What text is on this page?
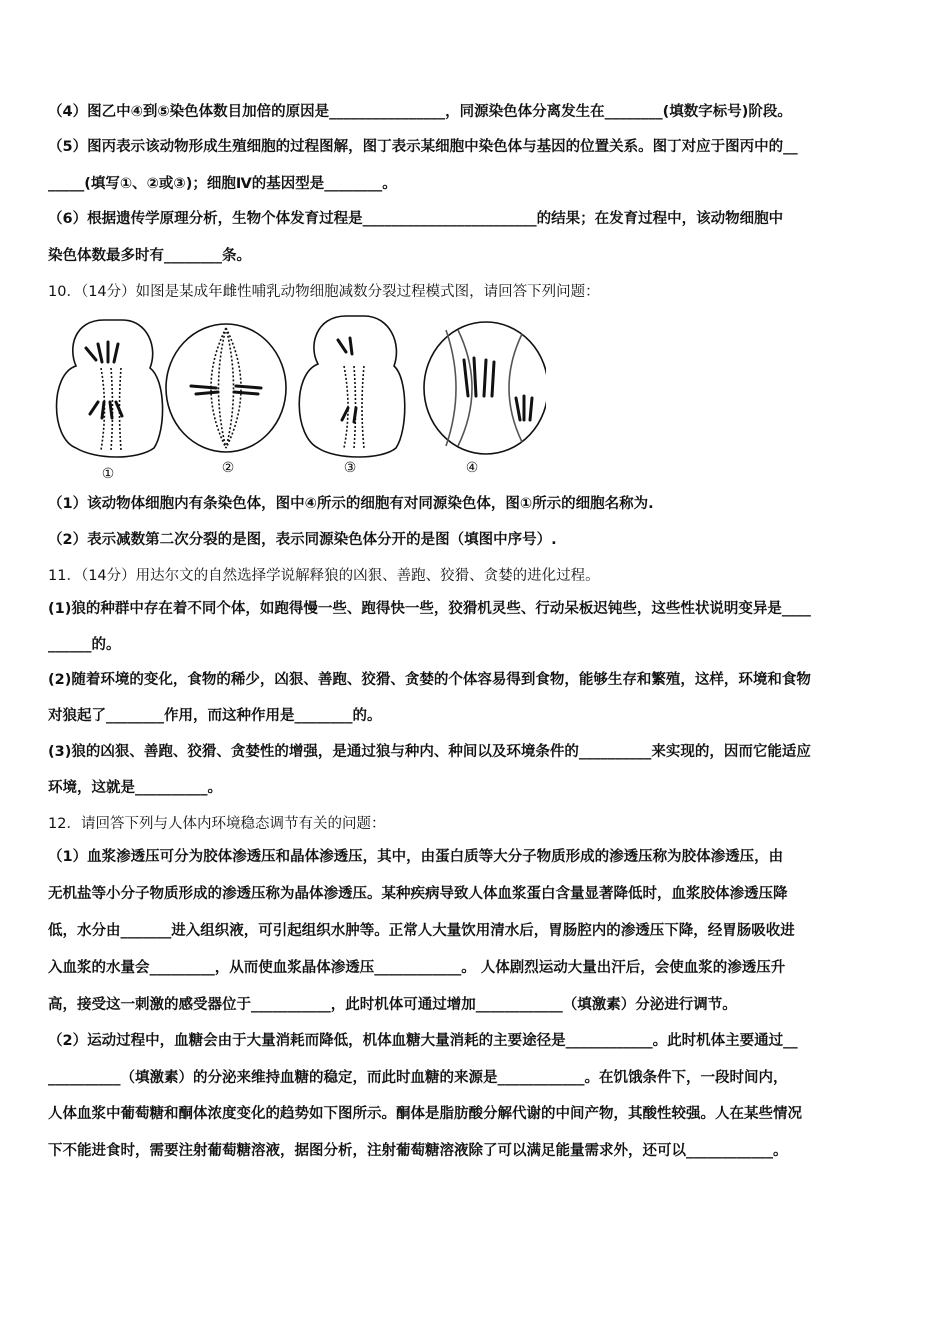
（4）图乙中④到⑤染色体数目加倍的原因是________________，同源染色体分离发生在________(填数字标号)阶段。
（5）图丙表示该动物形成生殖细胞的过程图解，图丁表示某细胞中染色体与基因的位置关系。图丁对应于图丙中的__
_____(填写①、②或③)；细胞Ⅳ的基因型是________。
（6）根据遗传学原理分析，生物个体发育过程是________________________的结果；在发育过程中，该动物细胞中
染色体数最多时有________条。
10．（14分）如图是某成年雌性哺乳动物细胞减数分裂过程模式图，请回答下列问题：
①	②	③	④
（1）该动物体细胞内有条染色体，图中④所示的细胞有对同源染色体，图①所示的细胞名称为.
（2）表示减数第二次分裂的是图，表示同源染色体分开的是图（填图中序号）.
11．（14分）用达尔文的自然选择学说解释狼的凶狠、善跑、狡猾、贪婪的进化过程。
(1)狼的种群中存在着不同个体，如跑得慢一些、跑得快一些，狡猾机灵些、行动呆板迟钝些，这些性状说明变异是____
______的。
(2)随着环境的变化，食物的稀少，凶狠、善跑、狡猾、贪婪的个体容易得到食物，能够生存和繁殖，这样，环境和食物
对狼起了________作用，而这种作用是________的。
(3)狼的凶狠、善跑、狡猾、贪婪性的增强，是通过狼与种内、种间以及环境条件的__________来实现的，因而它能适应
环境，这就是__________。
12．请回答下列与人体内环境稳态调节有关的问题：
（1）血浆渗透压可分为胶体渗透压和晶体渗透压，其中，由蛋白质等大分子物质形成的渗透压称为胶体渗透压，由
无机盐等小分子物质形成的渗透压称为晶体渗透压。某种疾病导致人体血浆蛋白含量显著降低时，血浆胶体渗透压降
低，水分由_______进入组织液，可引起组织水肿等。正常人大量饮用清水后，胃肠腔内的渗透压下降，经胃肠吸收进
入血浆的水量会_________，从而使血浆晶体渗透压____________。 人体剧烈运动大量出汗后，会使血浆的渗透压升
高，接受这一刺激的感受器位于___________，此时机体可通过增加____________（填激素）分泌进行调节。
（2）运动过程中，血糖会由于大量消耗而降低，机体血糖大量消耗的主要途径是____________。此时机体主要通过__
__________（填激素）的分泌来维持血糖的稳定，而此时血糖的来源是____________。在饥饿条件下，一段时间内，
人体血浆中葡萄糖和酮体浓度变化的趋势如下图所示。酮体是脂肪酸分解代谢的中间产物，其酸性较强。人在某些情况
下不能进食时，需要注射葡萄糖溶液，据图分析，注射葡萄糖溶液除了可以满足能量需求外，还可以____________。
